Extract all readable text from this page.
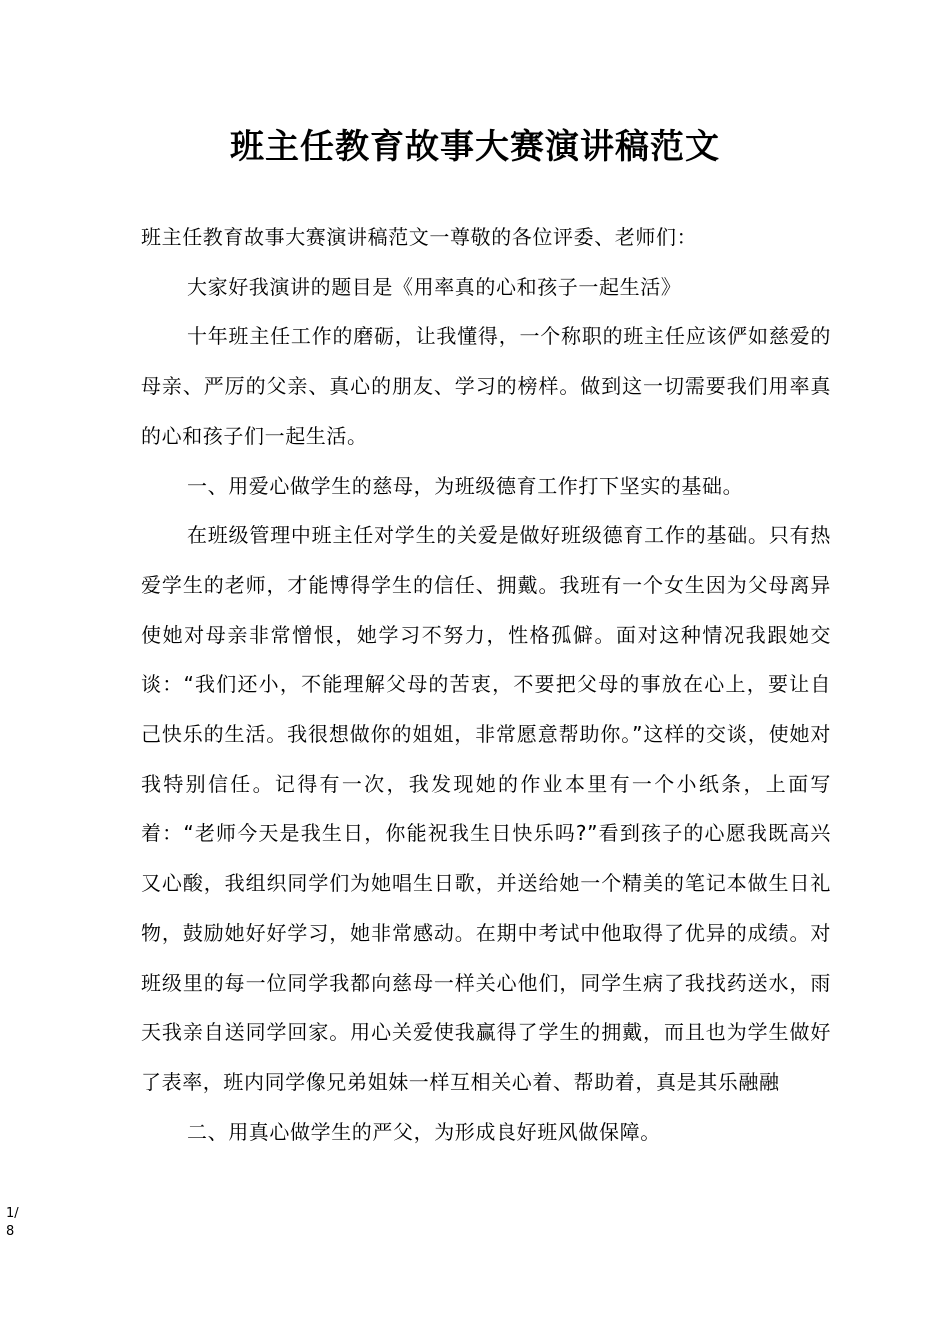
班主任教育故事大赛演讲稿范文

班主任教育故事大赛演讲稿范文一尊敬的各位评委、老师们：

大家好我演讲的题目是《用率真的心和孩子一起生活》

十年班主任工作的磨砺，让我懂得，一个称职的班主任应该俨如慈爱的母亲、严厉的父亲、真心的朋友、学习的榜样。做到这一切需要我们用率真的心和孩子们一起生活。

一、用爱心做学生的慈母，为班级德育工作打下坚实的基础。

在班级管理中班主任对学生的关爱是做好班级德育工作的基础。只有热爱学生的老师，才能博得学生的信任、拥戴。我班有一个女生因为父母离异使她对母亲非常憎恨，她学习不努力，性格孤僻。面对这种情况我跟她交谈：“我们还小，不能理解父母的苦衷，不要把父母的事放在心上，要让自己快乐的生活。我很想做你的姐姐，非常愿意帮助你。”这样的交谈，使她对我特别信任。记得有一次，我发现她的作业本里有一个小纸条，上面写着：“老师今天是我生日，你能祝我生日快乐吗?”看到孩子的心愿我既高兴又心酸，我组织同学们为她唱生日歌，并送给她一个精美的笔记本做生日礼物，鼓励她好好学习，她非常感动。在期中考试中他取得了优异的成绩。对班级里的每一位同学我都向慈母一样关心他们，同学生病了我找药送水，雨天我亲自送同学回家。用心关爱使我赢得了学生的拥戴，而且也为学生做好了表率，班内同学像兄弟姐妹一样互相关心着、帮助着，真是其乐融融

二、用真心做学生的严父，为形成良好班风做保障。

1/8
